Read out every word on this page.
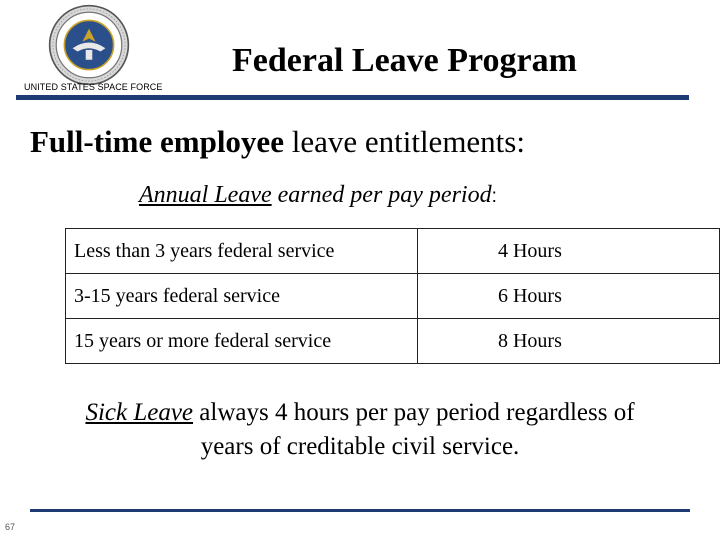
UNITED STATES SPACE FORCE
Federal Leave Program
Full-time employee leave entitlements:
Annual Leave earned per pay period:
Less than 3 years federal service	4 Hours
3-15 years federal service	6 Hours
15 years or more federal service	8 Hours
Sick Leave always 4 hours per pay period regardless of
years of creditable civil service.
67
